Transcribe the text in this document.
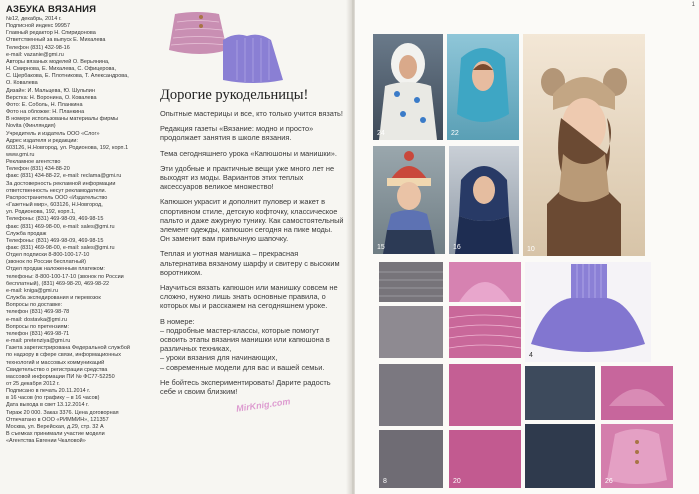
АЗБУКА ВЯЗАНИЯ
№12, декабрь, 2014 г.
Подписной индекс 99957
Главный редактор Н. Спиридонова
Ответственный за выпуск Е. Михалева
Телефон (831) 432-98-16
e-mail: vazanie@gmi.ru
Авторы вязаных моделей О. Верьянина,
Н. Смирнова, Е. Михалева, С. Офицерова,
С. Щербакова, Е. Плотникова, Т. Александрова,
О. Ковалева
Дизайн: И. Мальцева, Ю. Шульпин
Верстка: Н. Воронина, О. Ковалева
Фото: Е. Соболь, Н. Планкина
Фото на обложке: Н. Планкина
В номере использованы материалы фирмы
Novita (Финляндия)
Учредитель и издатель ООО «Слог»
Адрес издателя и редакции:
603126, Н.Новгород, ул. Родионова, 192, корп.1
www.gmi.ru
Рекламное агентство
Телефон (831) 434-88-20
факс (831) 434-88-22, e-mail: reclama@gmi.ru
За достоверность рекламной информации
ответственность несут рекламодатели.
Распространитель ООО «Издательство
«Газетный мир», 603126, Н.Новгород,
ул. Родионова, 192, корп.1,
Телефоны: (831) 469-98-09, 469-98-15
факс (831) 469-98-00, e-mail: sales@gmi.ru
Служба продаж
Телефоны: (831) 469-98-09, 469-98-15
факс (831) 469-98-00, e-mail: sales@gmi.ru
Отдел подписки 8-800-100-17-10
(звонок по России бесплатный)
Отдел продаж наложенным платежом:
телефоны: 8-800-100-17-10 (звонок по России
бесплатный), (831) 469-98-20, 469-98-22
e-mail: kniga@gmi.ru
Служба экспедирования и перевозок
Вопросы по доставке:
телефон (831) 469-98-78
e-mail: dostavka@gmi.ru
Вопросы по претензиям:
телефон (831) 469-98-71
e-mail: pretenziya@gmi.ru
Газета зарегистрирована Федеральной службой
по надзору в сфере связи, информационных
технологий и массовых коммуникаций
Свидетельство о регистрации средства
массовой информации ПИ № ФС77-52250
от 25 декабря 2012 г.
Подписано в печать 20.11.2014 г.
в 16 часов (по графику – в 16 часов)
Дата выхода в свет 13.12.2014 г.
Тираж 20 000. Заказ 3376. Цена договорная
Отпечатано в ООО «РИММИН», 121357
Москва, ул. Верейская, д.29, стр. 32 А
В съемках принимали участие модели
«Агентства Евгении Чкаловой»
Дорогие рукодельницы!

Опытные мастерицы и все, кто только учится вязать!

Редакция газеты «Вязание: модно и просто» продолжает занятия в школе вязания.

Тема сегодняшнего урока «Капюшоны и манишки».

Эти удобные и практичные вещи уже много лет не выходят из моды. Вариантов этих теплых аксессуаров великое множество!

Капюшон украсит и дополнит пуловер и жакет в спортивном стиле, детскую кофточку, классическое пальто и даже ажурную тунику. Как самостоятельный элемент одежды, капюшон сегодня на пике моды. Он заменит вам привычную шапочку.

Теплая и уютная манишка – прекрасная альтернатива вязаному шарфу и свитеру с высоким воротником.

Научиться вязать капюшон или манишку совсем не сложно, нужно лишь знать основные правила, о которых мы и расскажем на сегодняшнем уроке.

В номере:
– подробные мастер-классы, которые помогут освоить этапы вязания манишки или капюшона в различных техниках,
– уроки вязания для начинающих,
– современные модели для вас и вашей семьи.

Не бойтесь экспериментировать! Дарите радость себе и своим близким!

MirKnig.com
1
24	22
10
15	16
4
8	20	26
